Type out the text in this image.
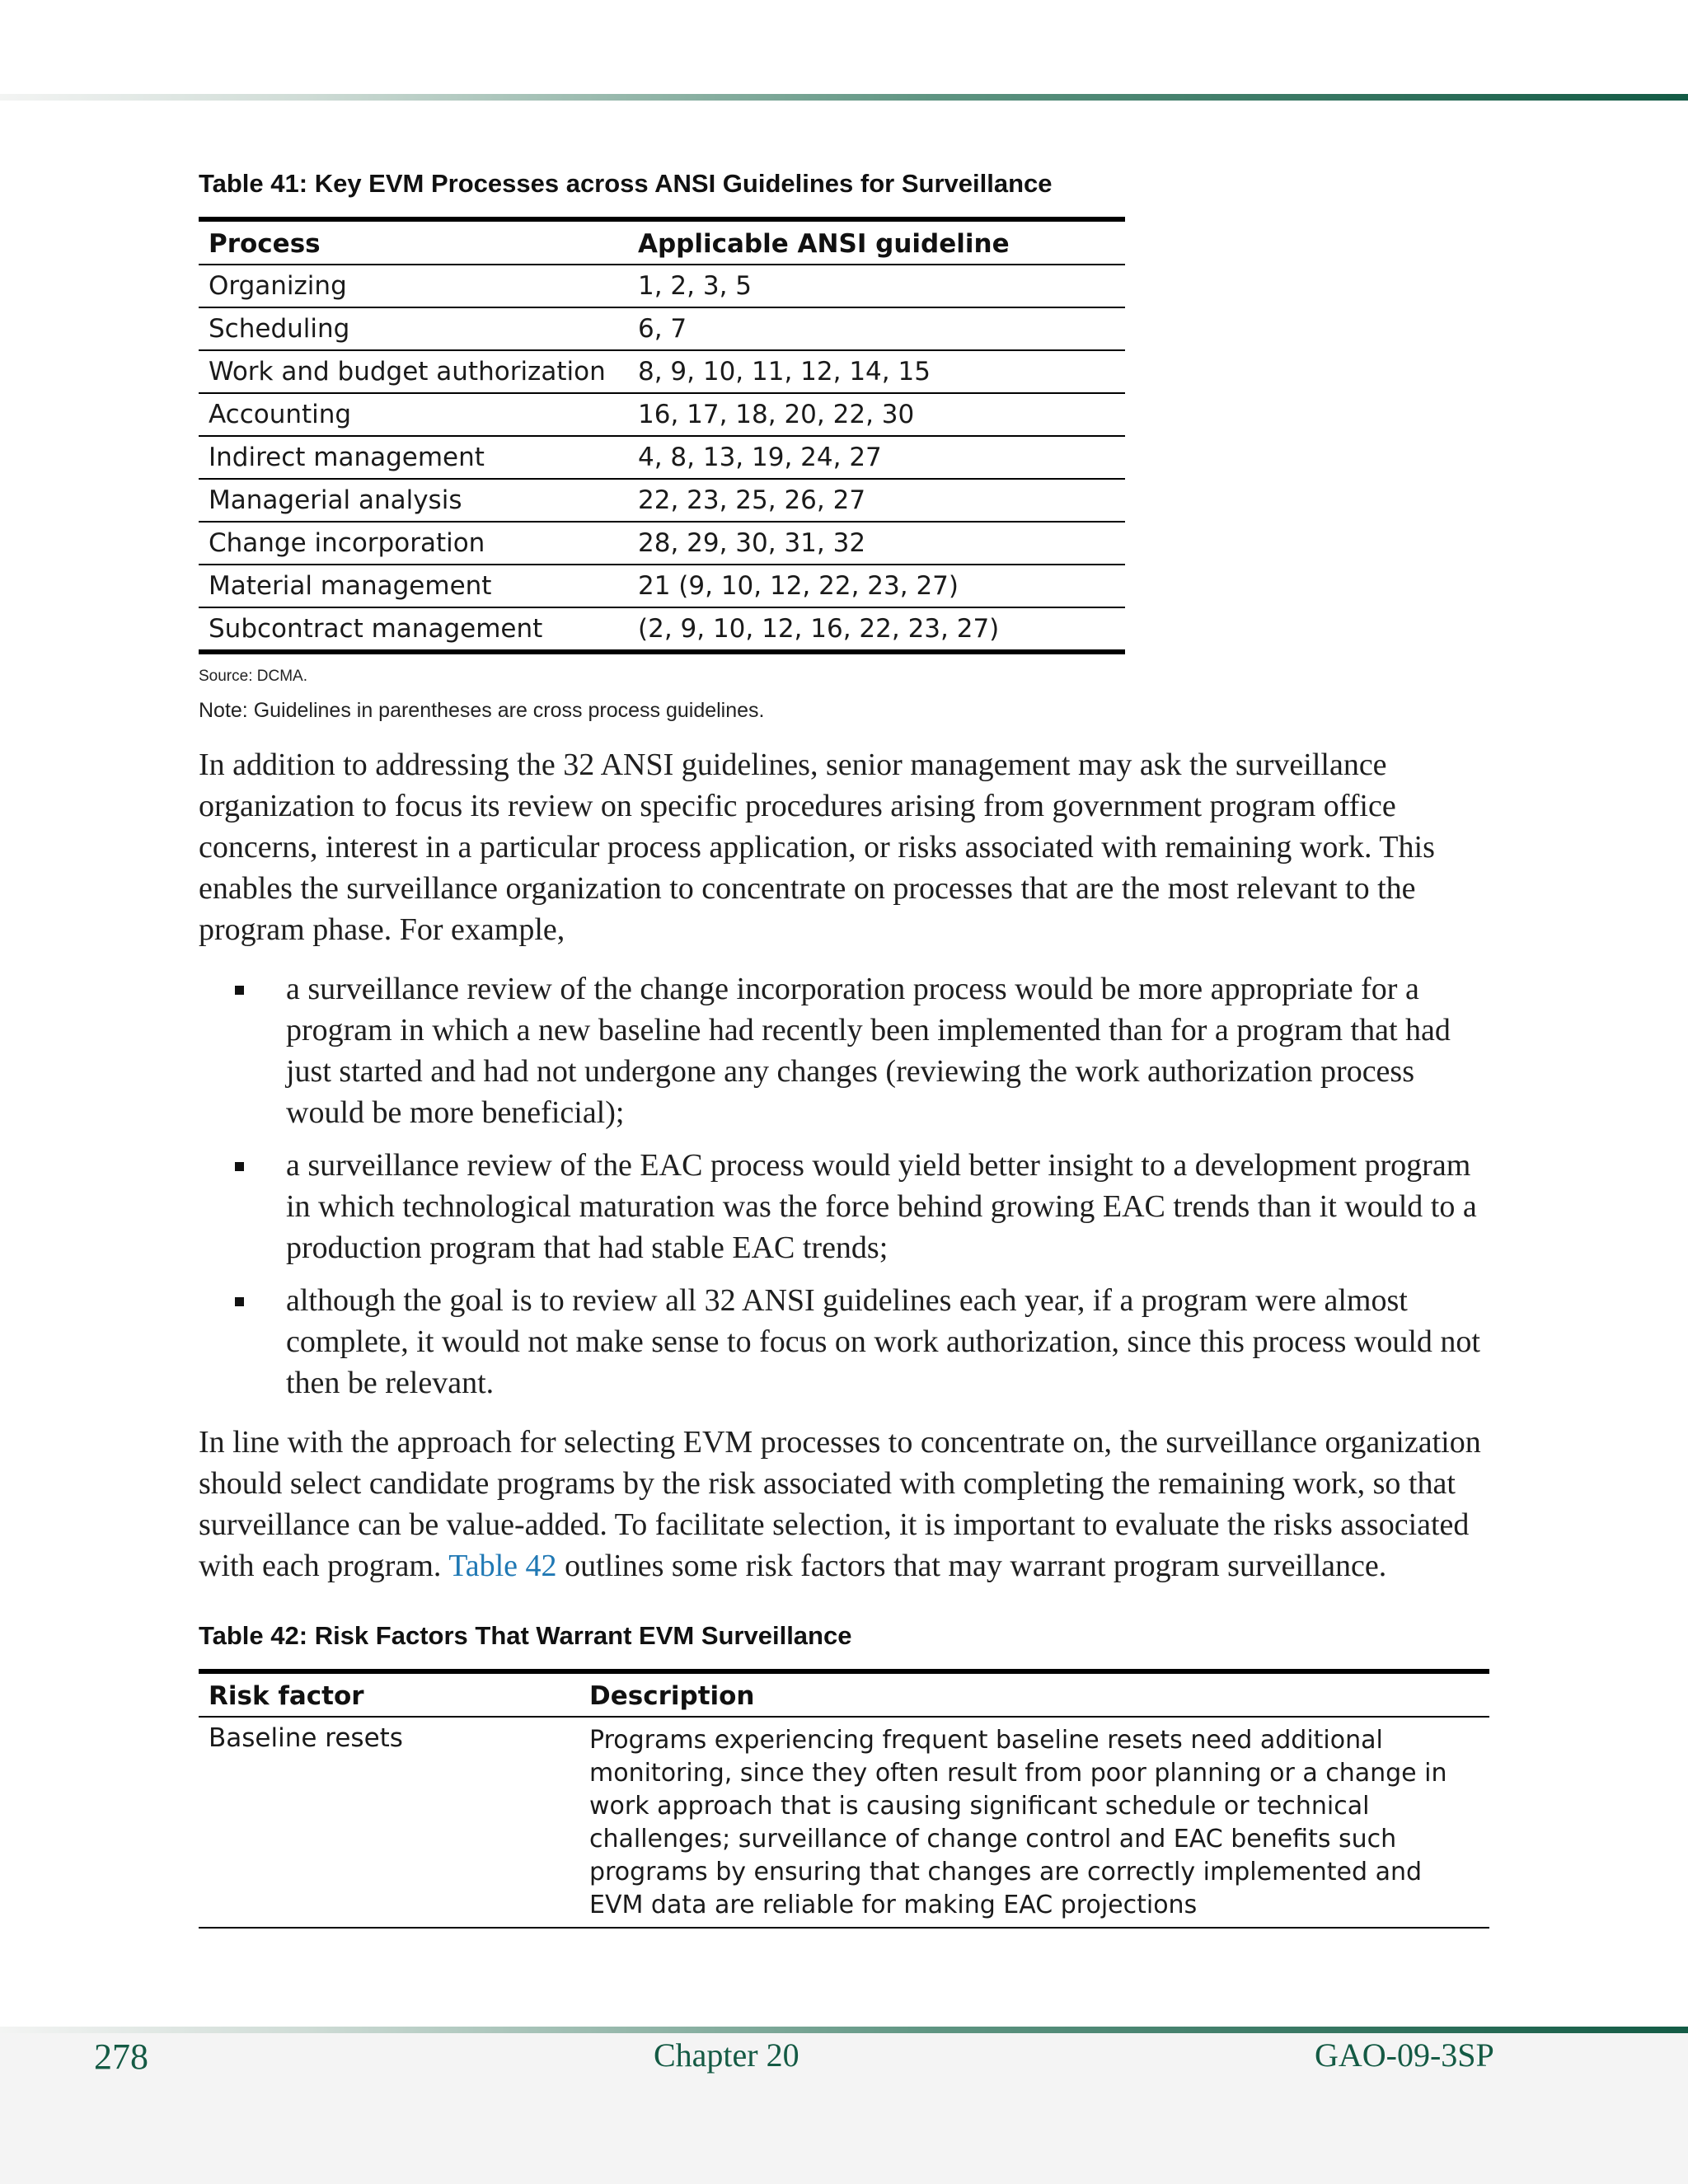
Table 41: Key EVM Processes across ANSI Guidelines for Surveillance
Process	Applicable ANSI guideline
Organizing	1, 2, 3, 5
Scheduling	6, 7
Work and budget authorization	8, 9, 10, 11, 12, 14, 15
Accounting	16, 17, 18, 20, 22, 30
Indirect management	4, 8, 13, 19, 24, 27
Managerial analysis	22, 23, 25, 26, 27
Change incorporation	28, 29, 30, 31, 32
Material management	21 (9, 10, 12, 22, 23, 27)
Subcontract management	(2, 9, 10, 12, 16, 22, 23, 27)

Source: DCMA.

Note: Guidelines in parentheses are cross process guidelines.

In addition to addressing the 32 ANSI guidelines, senior management may ask the surveillance organization to focus its review on specific procedures arising from government program office concerns, interest in a particular process application, or risks associated with remaining work. This enables the surveillance organization to concentrate on processes that are the most relevant to the program phase. For example,

a surveillance review of the change incorporation process would be more appropriate for a program in which a new baseline had recently been implemented than for a program that had just started and had not undergone any changes (reviewing the work authorization process would be more beneficial);
a surveillance review of the EAC process would yield better insight to a development program in which technological maturation was the force behind growing EAC trends than it would to a production program that had stable EAC trends;
although the goal is to review all 32 ANSI guidelines each year, if a program were almost complete, it would not make sense to focus on work authorization, since this process would not then be relevant.

In line with the approach for selecting EVM processes to concentrate on, the surveillance organization should select candidate programs by the risk associated with completing the remaining work, so that surveillance can be value-added. To facilitate selection, it is important to evaluate the risks associated with each program. Table 42 outlines some risk factors that may warrant program surveillance.

Table 42: Risk Factors That Warrant EVM Surveillance
Risk factor	Description
Baseline resets	Programs experiencing frequent baseline resets need additional monitoring, since they often result from poor planning or a change in work approach that is causing significant schedule or technical challenges; surveillance of change control and EAC benefits such programs by ensuring that changes are correctly implemented and EVM data are reliable for making EAC projections
278	Chapter 20	GAO-09-3SP
